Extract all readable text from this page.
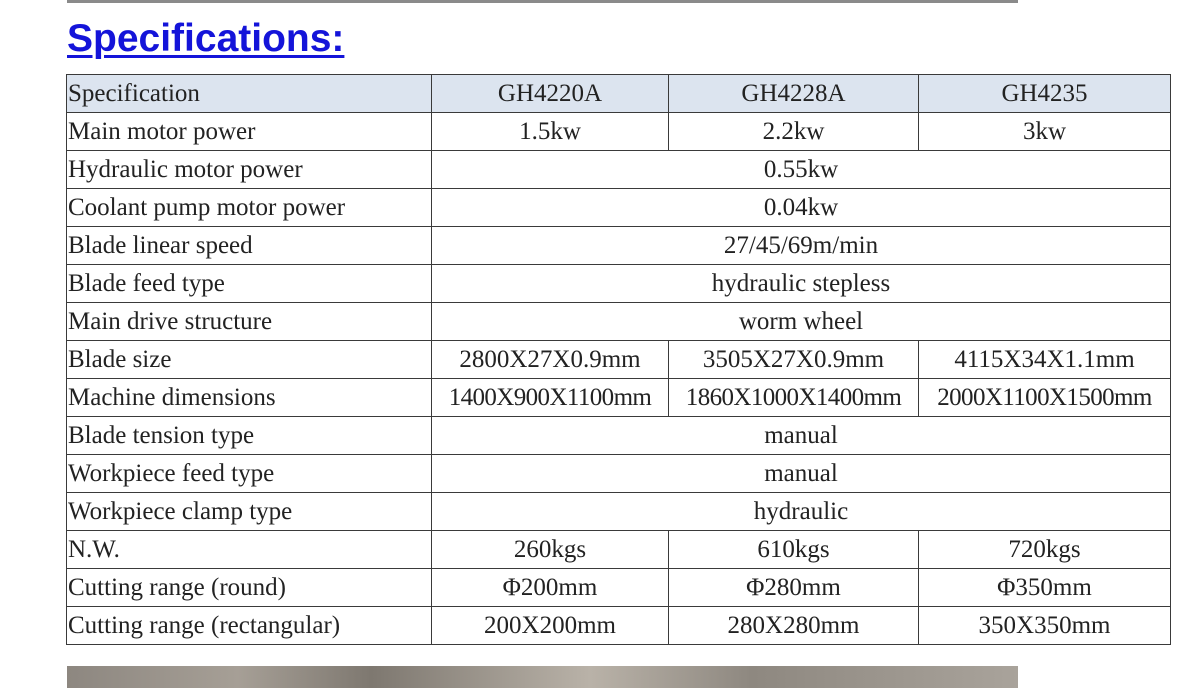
Specifications:
Specification	GH4220A	GH4228A	GH4235
Main motor power	1.5kw	2.2kw	3kw
Hydraulic motor power	0.55kw		
Coolant pump motor power	0.04kw		
Blade linear speed	27/45/69m/min		
Blade feed type	hydraulic stepless		
Main drive structure	worm wheel		
Blade size	2800X27X0.9mm	3505X27X0.9mm	4115X34X1.1mm
Machine dimensions	1400X900X1100mm	1860X1000X1400mm	2000X1100X1500mm
Blade tension type	manual		
Workpiece feed type	manual		
Workpiece clamp type	hydraulic		
N.W.	260kgs	610kgs	720kgs
Cutting range (round)	Φ200mm	Φ280mm	Φ350mm
Cutting range (rectangular)	200X200mm	280X280mm	350X350mm
